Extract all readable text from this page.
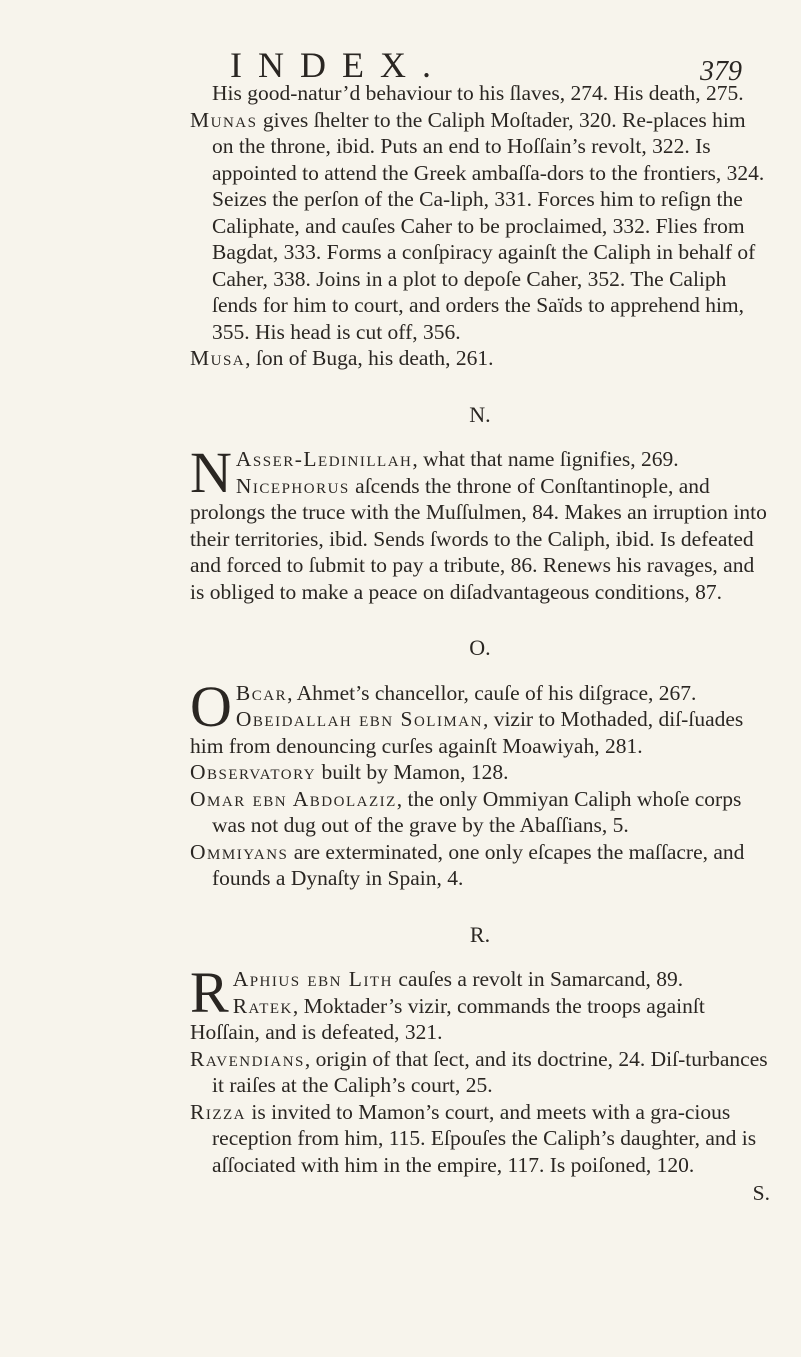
INDEX.	379

His good-natur’d behaviour to his ſlaves, 274. His death, 275.

Munas gives ſhelter to the Caliph Moſtader, 320. Re-places him on the throne, ibid. Puts an end to Hoſſain’s revolt, 322. Is appointed to attend the Greek ambaſſa-dors to the frontiers, 324. Seizes the perſon of the Ca-liph, 331. Forces him to reſign the Caliphate, and cauſes Caher to be proclaimed, 332. Flies from Bagdat, 333. Forms a conſpiracy againſt the Caliph in behalf of Caher, 338. Joins in a plot to depoſe Caher, 352. The Caliph ſends for him to court, and orders the Saïds to apprehend him, 355. His head is cut off, 356.

Musa, ſon of Buga, his death, 261.

N.

N Asser-Ledinillah, what that name ſignifies, 269.
Nicephorus aſcends the throne of Conſtantinople, and prolongs the truce with the Muſſulmen, 84. Makes an irruption into their territories, ibid. Sends ſwords to the Caliph, ibid. Is defeated and forced to ſubmit to pay a tribute, 86. Renews his ravages, and is obliged to make a peace on diſadvantageous conditions, 87.

O.

O Bcar, Ahmet’s chancellor, cauſe of his diſgrace, 267.
Obeidallah ebn Soliman, vizir to Mothaded, diſ-ſuades him from denouncing curſes againſt Moawiyah, 281.

Observatory built by Mamon, 128.

Omar ebn Abdolaziz, the only Ommiyan Caliph whoſe corps was not dug out of the grave by the Abaſſians, 5.

Ommiyans are exterminated, one only eſcapes the maſſacre, and founds a Dynaſty in Spain, 4.

R.

R Aphius ebn Lith cauſes a revolt in Samarcand, 89.
Ratek, Moktader’s vizir, commands the troops againſt Hoſſain, and is defeated, 321.

Ravendians, origin of that ſect, and its doctrine, 24. Diſ-turbances it raiſes at the Caliph’s court, 25.

Rizza is invited to Mamon’s court, and meets with a gra-cious reception from him, 115. Eſpouſes the Caliph’s daughter, and is aſſociated with him in the empire, 117. Is poiſoned, 120.

S.
